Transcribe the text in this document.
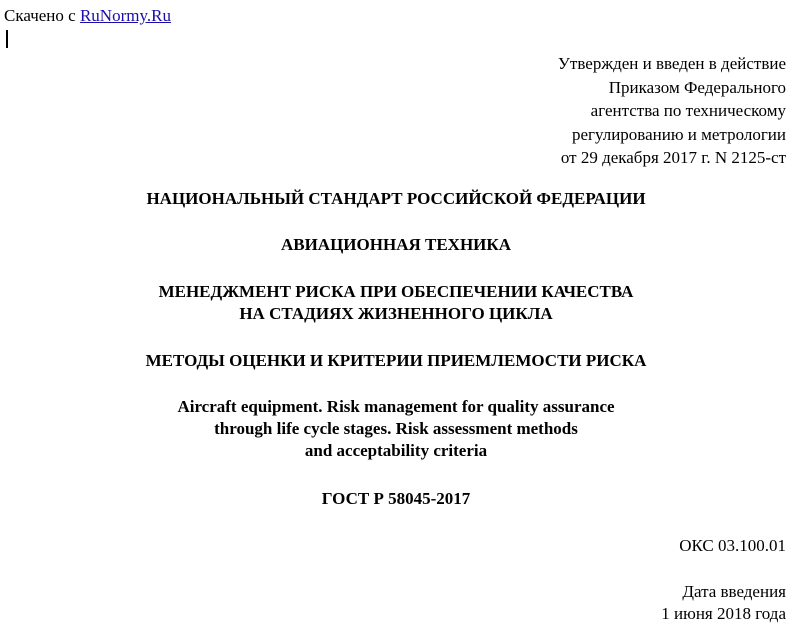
Скачено с RuNormy.Ru
Утвержден и введен в действие
Приказом Федерального
агентства по техническому
регулированию и метрологии
от 29 декабря 2017 г. N 2125-ст
НАЦИОНАЛЬНЫЙ СТАНДАРТ РОССИЙСКОЙ ФЕДЕРАЦИИ
АВИАЦИОННАЯ ТЕХНИКА
МЕНЕДЖМЕНТ РИСКА ПРИ ОБЕСПЕЧЕНИИ КАЧЕСТВА
НА СТАДИЯХ ЖИЗНЕННОГО ЦИКЛА
МЕТОДЫ ОЦЕНКИ И КРИТЕРИИ ПРИЕМЛЕМОСТИ РИСКА
Aircraft equipment. Risk management for quality assurance
through life cycle stages. Risk assessment methods
and acceptability criteria
ГОСТ Р 58045-2017
ОКС 03.100.01
Дата введения
1 июня 2018 года
